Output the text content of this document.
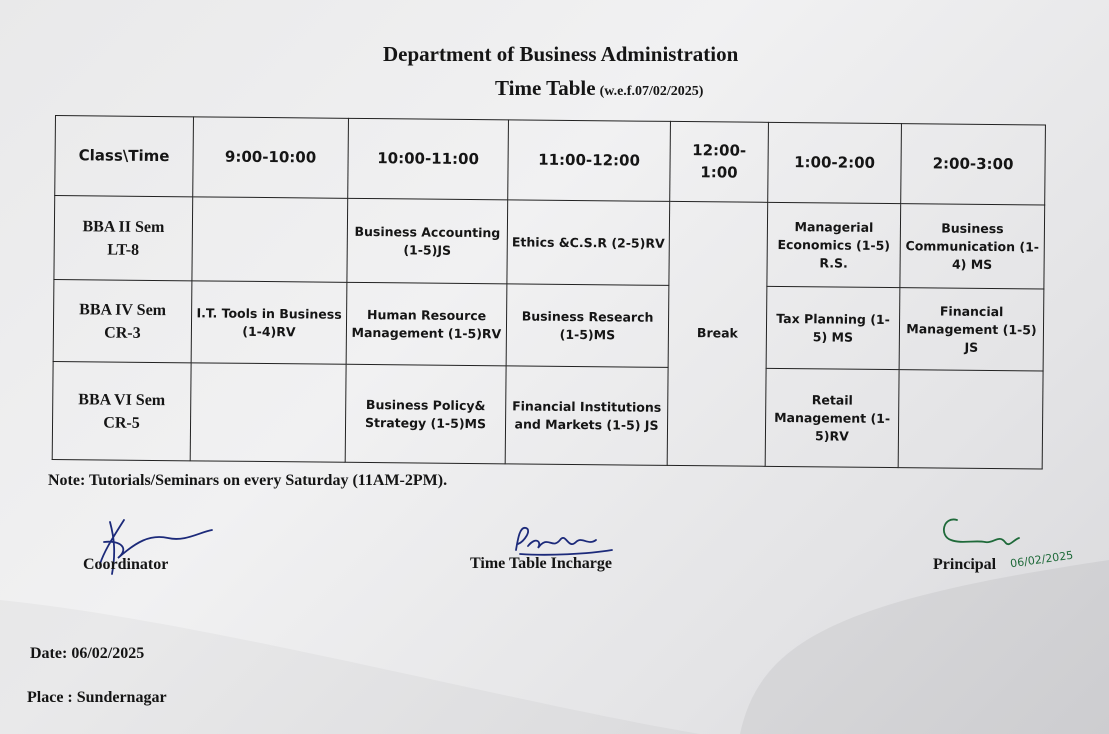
Department of Business Administration
Time Table (w.e.f.07/02/2025)
Class\Time	9:00-10:00	10:00-11:00	11:00-12:00	12:00-1:00	1:00-2:00	2:00-3:00

BBA II Sem
LT-8		Business Accounting (1-5)JS	Ethics &C.S.R (2-5)RV	Break	Managerial Economics (1-5) R.S.	Business Communication (1-4) MS

BBA IV Sem
CR-3	I.T. Tools in Business (1-4)RV	Human Resource Management (1-5)RV	Business Research (1-5)MS		Tax Planning (1-5) MS	Financial Management (1-5) JS

BBA VI Sem
CR-5		Business Policy& Strategy (1-5)MS	Financial Institutions and Markets (1-5) JS		Retail Management (1-5)RV	
Note: Tutorials/Seminars on every Saturday (11AM-2PM).
Coordinator	Time Table Incharge	Principal 06/02/2025
Date: 06/02/2025
Place : Sundernagar
